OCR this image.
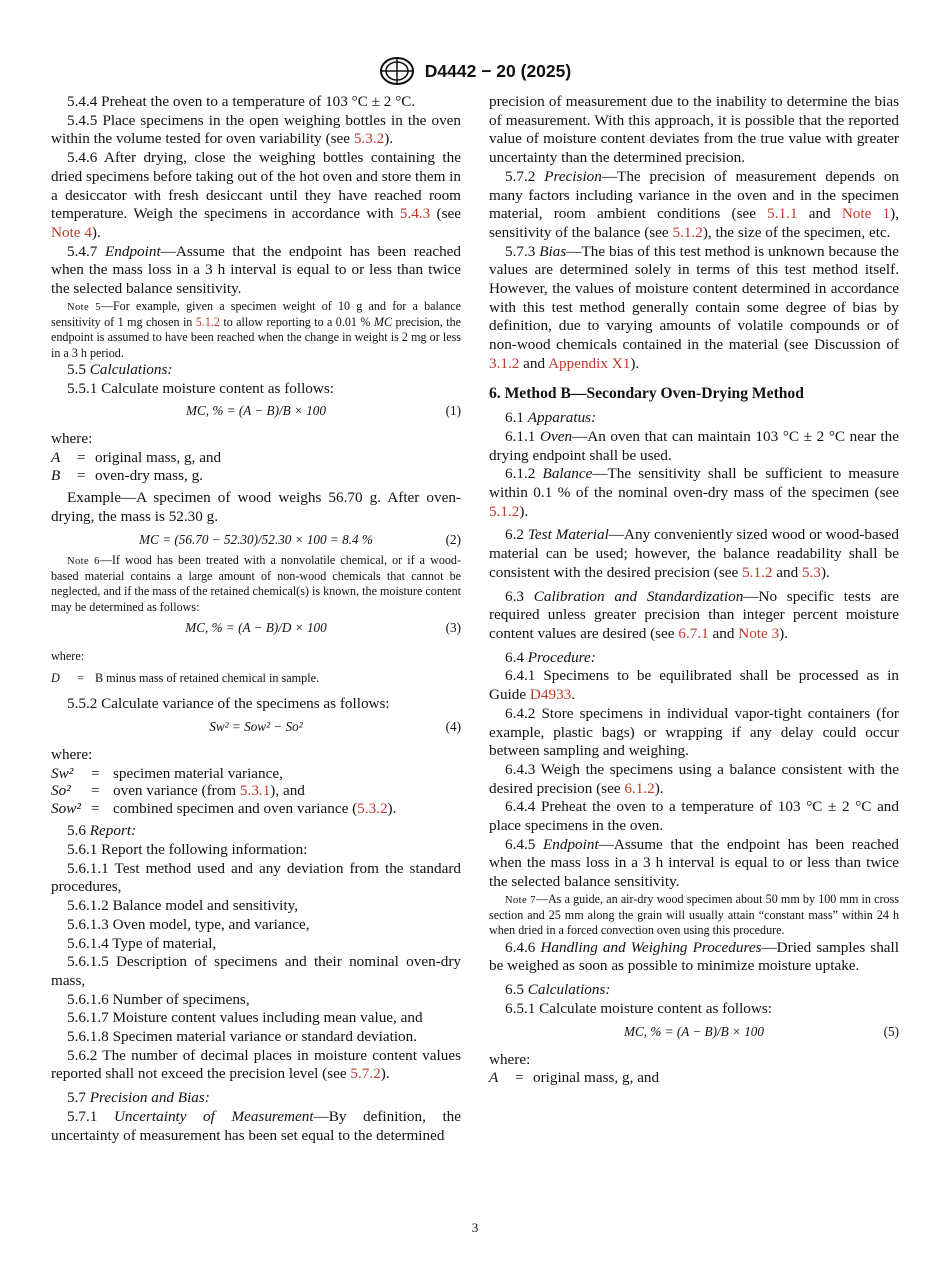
D4442 − 20 (2025)

5.4.4 Preheat the oven to a temperature of 103 °C ± 2 °C.

5.4.5 Place specimens in the open weighing bottles in the oven within the volume tested for oven variability (see 5.3.2).

5.4.6 After drying, close the weighing bottles containing the dried specimens before taking out of the hot oven and store them in a desiccator with fresh desiccant until they have reached room temperature. Weigh the specimens in accordance with 5.4.3 (see Note 4).

5.4.7 Endpoint—Assume that the endpoint has been reached when the mass loss in a 3 h interval is equal to or less than twice the selected balance sensitivity.

Note 5—For example, given a specimen weight of 10 g and for a balance sensitivity of 1 mg chosen in 5.1.2 to allow reporting to a 0.01 % MC precision, the endpoint is assumed to have been reached when the change in weight is 2 mg or less in a 3 h period.

5.5 Calculations:

5.5.1 Calculate moisture content as follows:

MC, % = (A − B)/B × 100	(1)

where:

A	= original mass, g, and
B	= oven-dry mass, g.

Example—A specimen of wood weighs 56.70 g. After oven-drying, the mass is 52.30 g.

MC = (56.70 − 52.30)/52.30 × 100 = 8.4 %	(2)

Note 6—If wood has been treated with a nonvolatile chemical, or if a wood-based material contains a large amount of non-wood chemicals that cannot be neglected, and if the mass of the retained chemical(s) is known, the moisture content may be determined as follows:

MC, % = (A − B)/D × 100	(3)

where:

D	= B minus mass of retained chemical in sample.

5.5.2 Calculate variance of the specimens as follows:

Sw² = Sow² − So²	(4)

where:

Sw²	= specimen material variance,
So²	= oven variance (from 5.3.1), and
Sow² = combined specimen and oven variance (5.3.2).

5.6 Report:

5.6.1 Report the following information:

5.6.1.1 Test method used and any deviation from the standard procedures,

5.6.1.2 Balance model and sensitivity,

5.6.1.3 Oven model, type, and variance,

5.6.1.4 Type of material,

5.6.1.5 Description of specimens and their nominal oven-dry mass,

5.6.1.6 Number of specimens,

5.6.1.7 Moisture content values including mean value, and

5.6.1.8 Specimen material variance or standard deviation.

5.6.2 The number of decimal places in moisture content values reported shall not exceed the precision level (see 5.7.2).

5.7 Precision and Bias:

5.7.1 Uncertainty of Measurement—By definition, the uncertainty of measurement has been set equal to the determined

precision of measurement due to the inability to determine the bias of measurement. With this approach, it is possible that the reported value of moisture content deviates from the true value with greater uncertainty than the determined precision.

5.7.2 Precision—The precision of measurement depends on many factors including variance in the oven and in the specimen material, room ambient conditions (see 5.1.1 and Note 1), sensitivity of the balance (see 5.1.2), the size of the specimen, etc.

5.7.3 Bias—The bias of this test method is unknown because the values are determined solely in terms of this test method itself. However, the values of moisture content determined in accordance with this test method generally contain some degree of bias by definition, due to varying amounts of volatile compounds or of non-wood chemicals contained in the material (see Discussion of 3.1.2 and Appendix X1).

6. Method B—Secondary Oven-Drying Method

6.1 Apparatus:

6.1.1 Oven—An oven that can maintain 103 °C ± 2 °C near the drying endpoint shall be used.

6.1.2 Balance—The sensitivity shall be sufficient to measure within 0.1 % of the nominal oven-dry mass of the specimen (see 5.1.2).

6.2 Test Material—Any conveniently sized wood or wood-based material can be used; however, the balance readability shall be consistent with the desired precision (see 5.1.2 and 5.3).

6.3 Calibration and Standardization—No specific tests are required unless greater precision than integer percent moisture content values are desired (see 6.7.1 and Note 3).

6.4 Procedure:

6.4.1 Specimens to be equilibrated shall be processed as in Guide D4933.

6.4.2 Store specimens in individual vapor-tight containers (for example, plastic bags) or wrapping if any delay could occur between sampling and weighing.

6.4.3 Weigh the specimens using a balance consistent with the desired precision (see 6.1.2).

6.4.4 Preheat the oven to a temperature of 103 °C ± 2 °C and place specimens in the oven.

6.4.5 Endpoint—Assume that the endpoint has been reached when the mass loss in a 3 h interval is equal to or less than twice the selected balance sensitivity.

Note 7—As a guide, an air-dry wood specimen about 50 mm by 100 mm in cross section and 25 mm along the grain will usually attain “constant mass” within 24 h when dried in a forced convection oven using this procedure.

6.4.6 Handling and Weighing Procedures—Dried samples shall be weighed as soon as possible to minimize moisture uptake.

6.5 Calculations:

6.5.1 Calculate moisture content as follows:

MC, % = (A − B)/B × 100	(5)

where:

A	= original mass, g, and
3
